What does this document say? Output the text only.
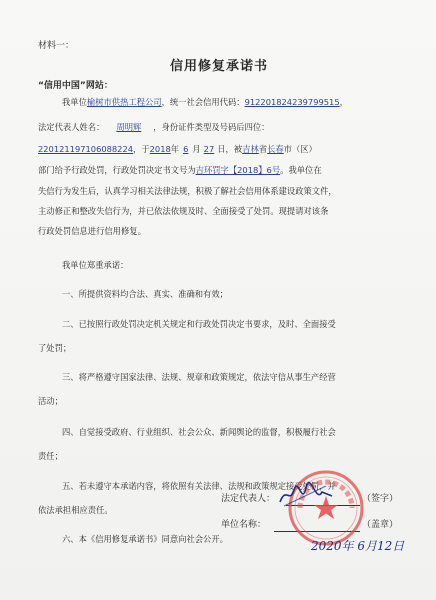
材料一：
信用修复承诺书
“信用中国”网站：
我单位榆树市供热工程公司，统一社会信用代码：912201824239799515，
法定代表人姓名： 周明辉 ，身份证件类型及号码后四位：
220121197106088224，于2018年 6 月 27 日，被吉林省长春市（区）
部门给予行政处罚，行政处罚决定书文号为吉环罚字【2018】6号。我单位在
失信行为发生后，认真学习相关法律法规，积极了解社会信用体系建设政策文件，
主动修正和整改失信行为，并已依法依规及时、全面接受了处罚。现提请对该条
行政处罚信息进行信用修复。
我单位郑重承诺：
一、所提供资料均合法、真实、准确和有效；
二、已按照行政处罚决定机关规定和行政处罚决定书要求，及时、全面接受
了处罚；
三、将严格遵守国家法律、法规、规章和政策规定，依法守信从事生产经营
活动；
四、自觉接受政府、行业组织、社会公众、新闻舆论的监督，积极履行社会
责任；
五、若未遵守本承诺内容，将依照有关法律、法规和政策规定接受处罚，并
依法承担相应责任。
六、本《信用修复承诺书》同意向社会公开。
法定代表人：	（签字）
单位名称：	（盖章）
2020年 6月12日
